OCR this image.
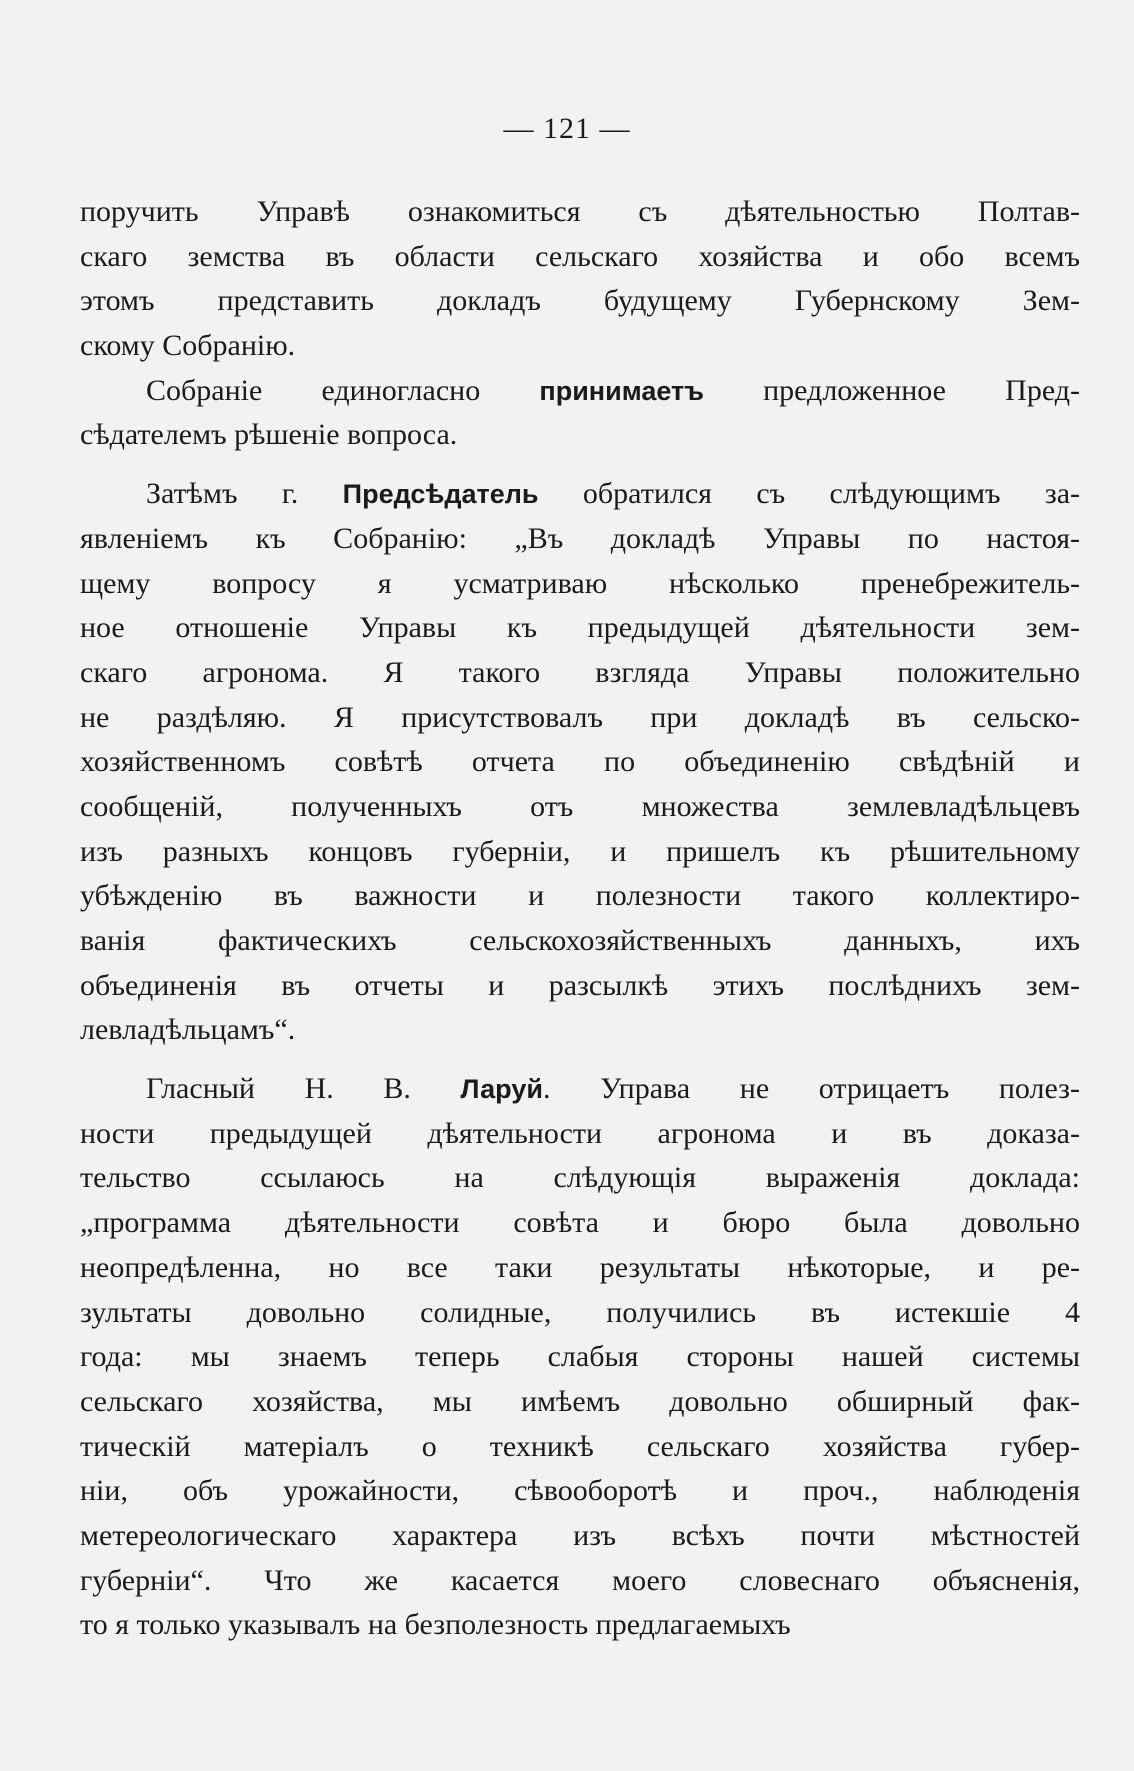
— 121 —
поручить Управѣ ознакомиться съ дѣятельностью Полтав-
скаго земства въ области сельскаго хозяйства и обо всемъ
этомъ представить докладъ будущему Губернскому Зем-
скому Собранію.
Собраніе единогласно принимаетъ предложенное Пред-
сѣдателемъ рѣшеніе вопроса.
Затѣмъ г. Предсѣдатель обратился съ слѣдующимъ за-
явленіемъ къ Собранію: „Въ докладѣ Управы по настоя-
щему вопросу я усматриваю нѣсколько пренебрежитель-
ное отношеніе Управы къ предыдущей дѣятельности зем-
скаго агронома. Я такого взгляда Управы положительно
не раздѣляю. Я присутствовалъ при докладѣ въ сельско-
хозяйственномъ совѣтѣ отчета по объединенію свѣдѣній и
сообщеній, полученныхъ отъ множества землевладѣльцевъ
изъ разныхъ концовъ губерніи, и пришелъ къ рѣшительному
убѣжденію въ важности и полезности такого коллектиро-
ванія фактическихъ сельскохозяйственныхъ данныхъ, ихъ
объединенія въ отчеты и разсылкѣ этихъ послѣднихъ зем-
левладѣльцамъ“.
Гласный Н. В. Ларуй. Управа не отрицаетъ полез-
ности предыдущей дѣятельности агронома и въ доказа-
тельство ссылаюсь на слѣдующія выраженія доклада:
„программа дѣятельности совѣта и бюро была довольно
неопредѣленна, но все таки результаты нѣкоторые, и ре-
зультаты довольно солидные, получились въ истекшіе 4
года: мы знаемъ теперь слабыя стороны нашей системы
сельскаго хозяйства, мы имѣемъ довольно обширный фак-
тическій матеріалъ о техникѣ сельскаго хозяйства губер-
ніи, объ урожайности, сѣвооборотѣ и проч., наблюденія
метереологическаго характера изъ всѣхъ почти мѣстностей
губерніи“. Что же касается моего словеснаго объясненія,
то я только указывалъ на безполезность предлагаемыхъ
